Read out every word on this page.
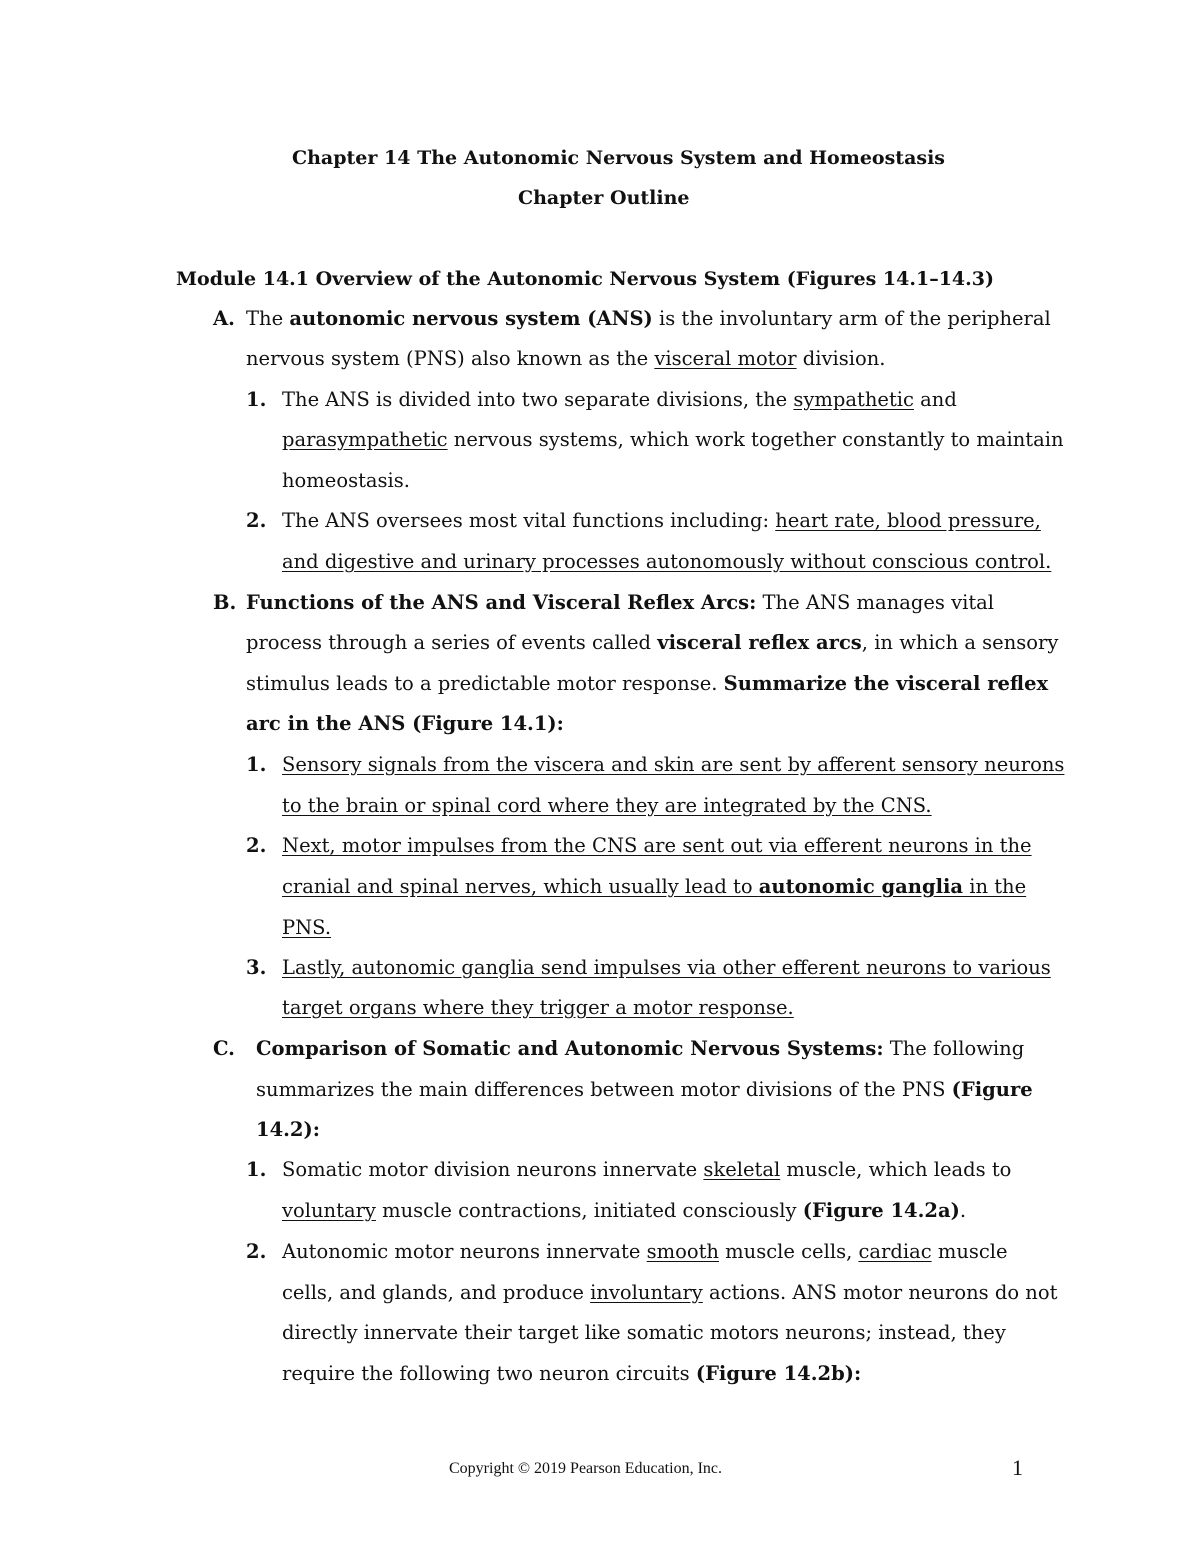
Chapter 14 The Autonomic Nervous System and Homeostasis
Chapter Outline
Module 14.1 Overview of the Autonomic Nervous System (Figures 14.1–14.3)
A. The autonomic nervous system (ANS) is the involuntary arm of the peripheral
nervous system (PNS) also known as the visceral motor division.
1. The ANS is divided into two separate divisions, the sympathetic and
parasympathetic nervous systems, which work together constantly to maintain
homeostasis.
2. The ANS oversees most vital functions including: heart rate, blood pressure,
and digestive and urinary processes autonomously without conscious control.
B. Functions of the ANS and Visceral Reflex Arcs: The ANS manages vital
process through a series of events called visceral reflex arcs, in which a sensory
stimulus leads to a predictable motor response. Summarize the visceral reflex
arc in the ANS (Figure 14.1):
1. Sensory signals from the viscera and skin are sent by afferent sensory neurons
to the brain or spinal cord where they are integrated by the CNS.
2. Next, motor impulses from the CNS are sent out via efferent neurons in the
cranial and spinal nerves, which usually lead to autonomic ganglia in the
PNS.
3. Lastly, autonomic ganglia send impulses via other efferent neurons to various
target organs where they trigger a motor response.
C. Comparison of Somatic and Autonomic Nervous Systems: The following
summarizes the main differences between motor divisions of the PNS (Figure
14.2):
1. Somatic motor division neurons innervate skeletal muscle, which leads to
voluntary muscle contractions, initiated consciously (Figure 14.2a).
2. Autonomic motor neurons innervate smooth muscle cells, cardiac muscle
cells, and glands, and produce involuntary actions. ANS motor neurons do not
directly innervate their target like somatic motors neurons; instead, they
require the following two neuron circuits (Figure 14.2b):
Copyright © 2019 Pearson Education, Inc.	1
